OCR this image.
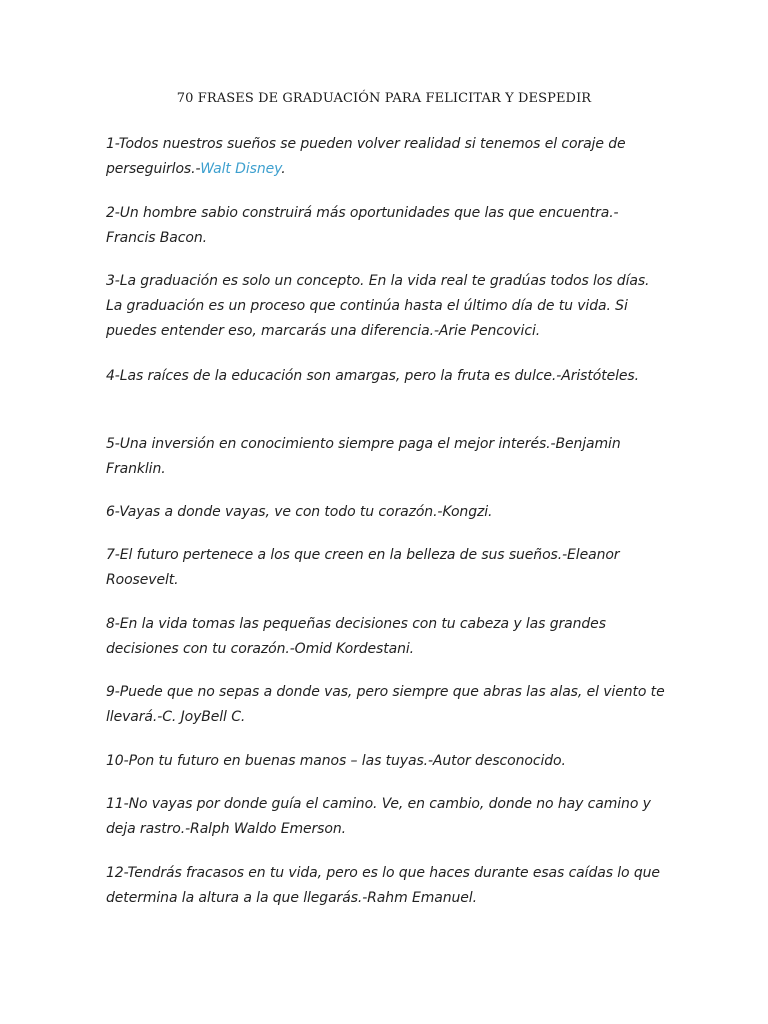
70 FRASES DE GRADUACIÓN PARA FELICITAR Y DESPEDIR

1-Todos nuestros sueños se pueden volver realidad si tenemos el coraje de perseguirlos.-Walt Disney.

2-Un hombre sabio construirá más oportunidades que las que encuentra.-Francis Bacon.

3-La graduación es solo un concepto. En la vida real te gradúas todos los días. La graduación es un proceso que continúa hasta el último día de tu vida. Si puedes entender eso, marcarás una diferencia.-Arie Pencovici.

4-Las raíces de la educación son amargas, pero la fruta es dulce.-Aristóteles.

5-Una inversión en conocimiento siempre paga el mejor interés.-Benjamin Franklin.

6-Vayas a donde vayas, ve con todo tu corazón.-Kongzi.

7-El futuro pertenece a los que creen en la belleza de sus sueños.-Eleanor Roosevelt.

8-En la vida tomas las pequeñas decisiones con tu cabeza y las grandes decisiones con tu corazón.-Omid Kordestani.

9-Puede que no sepas a donde vas, pero siempre que abras las alas, el viento te llevará.-C. JoyBell C.

10-Pon tu futuro en buenas manos – las tuyas.-Autor desconocido.

11-No vayas por donde guía el camino. Ve, en cambio, donde no hay camino y deja rastro.-Ralph Waldo Emerson.

12-Tendrás fracasos en tu vida, pero es lo que haces durante esas caídas lo que determina la altura a la que llegarás.-Rahm Emanuel.
